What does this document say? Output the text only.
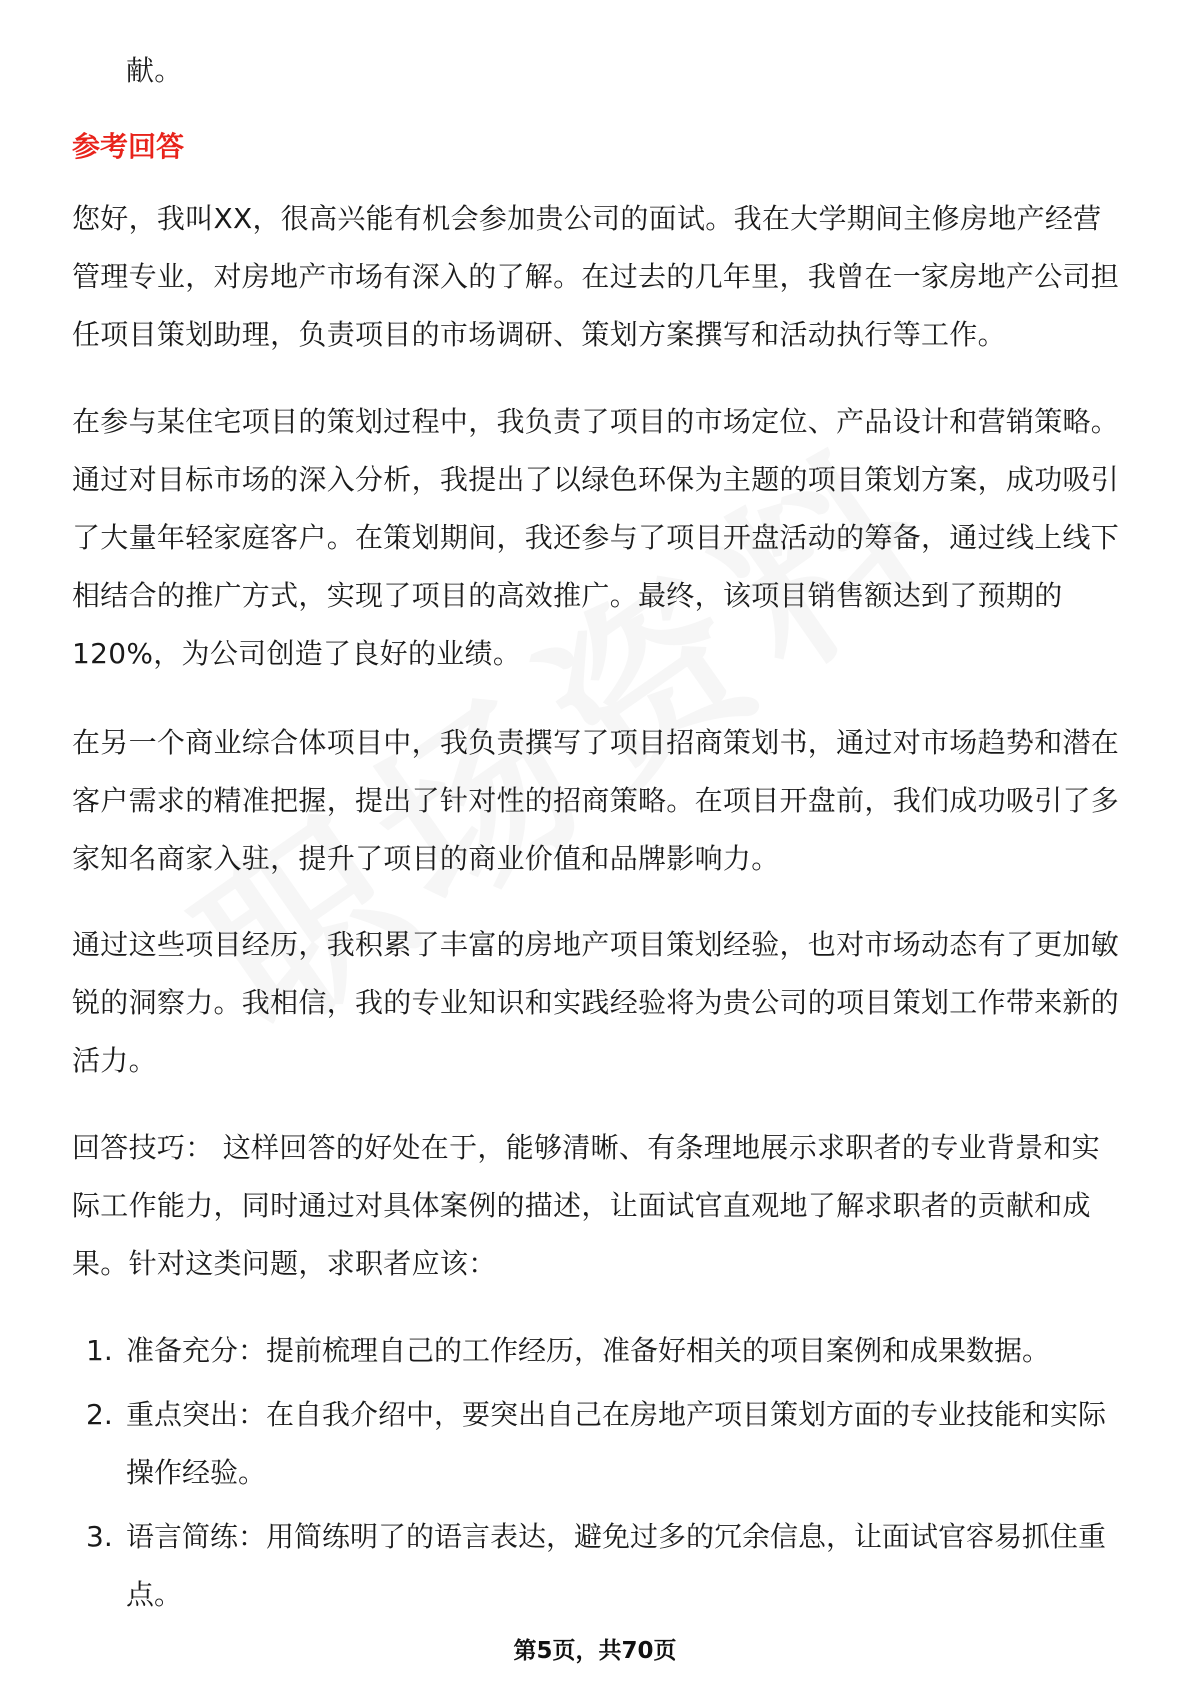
献。
参考回答
您好，我叫XX，很高兴能有机会参加贵公司的面试。我在大学期间主修房地产经营管理专业，对房地产市场有深入的了解。在过去的几年里，我曾在一家房地产公司担任项目策划助理，负责项目的市场调研、策划方案撰写和活动执行等工作。
在参与某住宅项目的策划过程中，我负责了项目的市场定位、产品设计和营销策略。通过对目标市场的深入分析，我提出了以绿色环保为主题的项目策划方案，成功吸引了大量年轻家庭客户。在策划期间，我还参与了项目开盘活动的筹备，通过线上线下相结合的推广方式，实现了项目的高效推广。最终，该项目销售额达到了预期的120%，为公司创造了良好的业绩。
在另一个商业综合体项目中，我负责撰写了项目招商策划书，通过对市场趋势和潜在客户需求的精准把握，提出了针对性的招商策略。在项目开盘前，我们成功吸引了多家知名商家入驻，提升了项目的商业价值和品牌影响力。
通过这些项目经历，我积累了丰富的房地产项目策划经验，也对市场动态有了更加敏锐的洞察力。我相信，我的专业知识和实践经验将为贵公司的项目策划工作带来新的活力。
回答技巧： 这样回答的好处在于，能够清晰、有条理地展示求职者的专业背景和实际工作能力，同时通过对具体案例的描述，让面试官直观地了解求职者的贡献和成果。针对这类问题，求职者应该：
1. 准备充分：提前梳理自己的工作经历，准备好相关的项目案例和成果数据。
2. 重点突出：在自我介绍中，要突出自己在房地产项目策划方面的专业技能和实际操作经验。
3. 语言简练：用简练明了的语言表达，避免过多的冗余信息，让面试官容易抓住重点。
第5页，共70页
